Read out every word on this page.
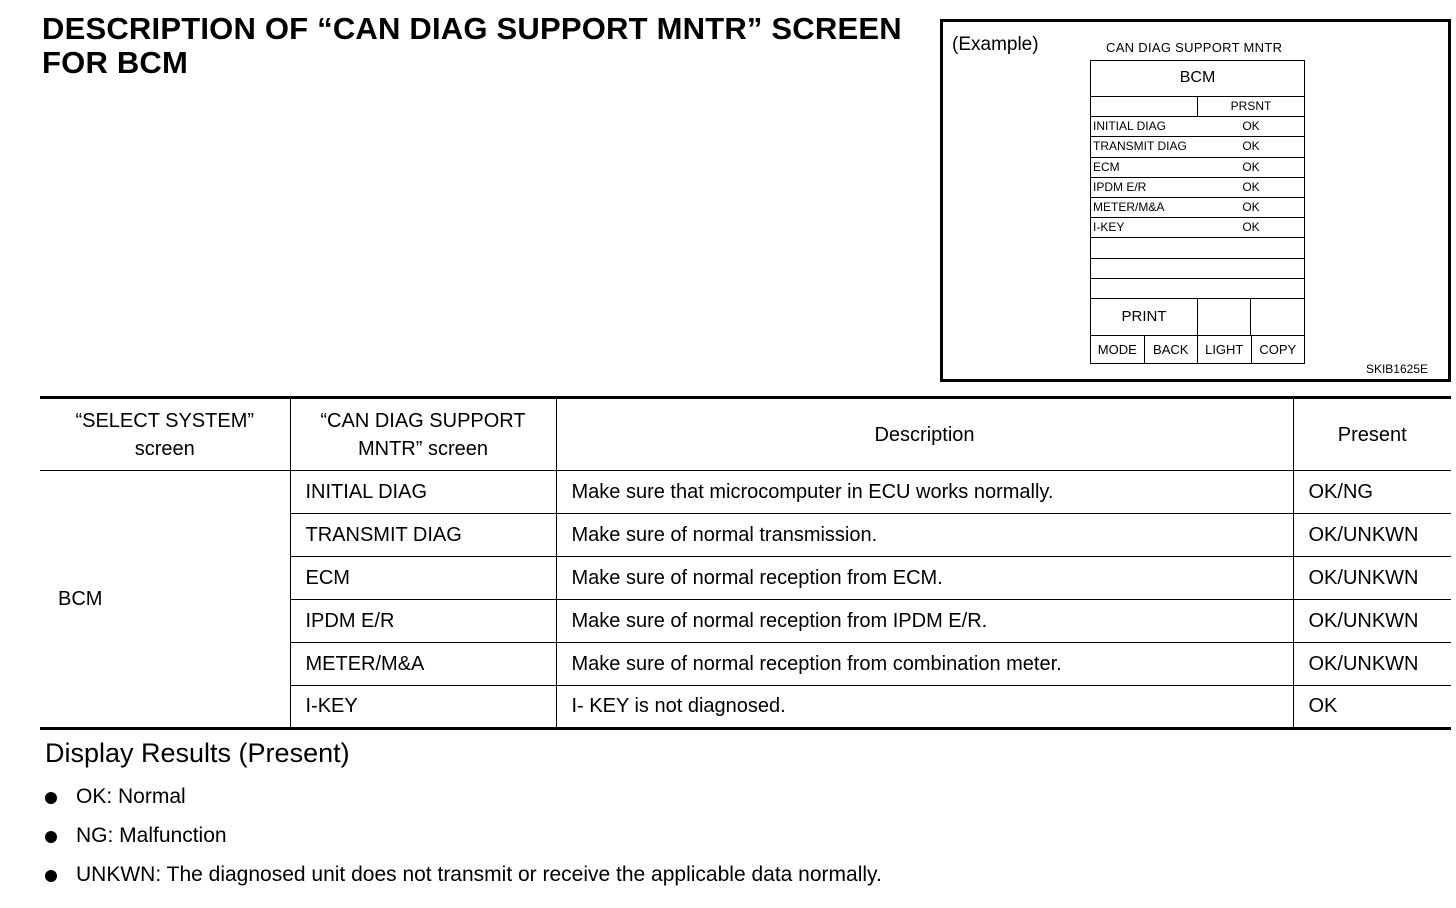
DESCRIPTION OF “CAN DIAG SUPPORT MNTR” SCREEN FOR BCM
(Example)	CAN DIAG SUPPORT MNTR
BCM
PRSNT
INITIAL DIAG	OK
TRANSMIT DIAG	OK
ECM	OK
IPDM E/R	OK
METER/M&A	OK
I-KEY	OK
PRINT
MODE	BACK	LIGHT	COPY
SKIB1625E
“SELECT SYSTEM” screen	“CAN DIAG SUPPORT MNTR” screen	Description	Present
BCM	INITIAL DIAG	Make sure that microcomputer in ECU works normally.	OK/NG
	TRANSMIT DIAG	Make sure of normal transmission.	OK/UNKWN
	ECM	Make sure of normal reception from ECM.	OK/UNKWN
	IPDM E/R	Make sure of normal reception from IPDM E/R.	OK/UNKWN
	METER/M&A	Make sure of normal reception from combination meter.	OK/UNKWN
	I-KEY	I- KEY is not diagnosed.	OK
Display Results (Present)
OK: Normal
NG: Malfunction
UNKWN: The diagnosed unit does not transmit or receive the applicable data normally.
